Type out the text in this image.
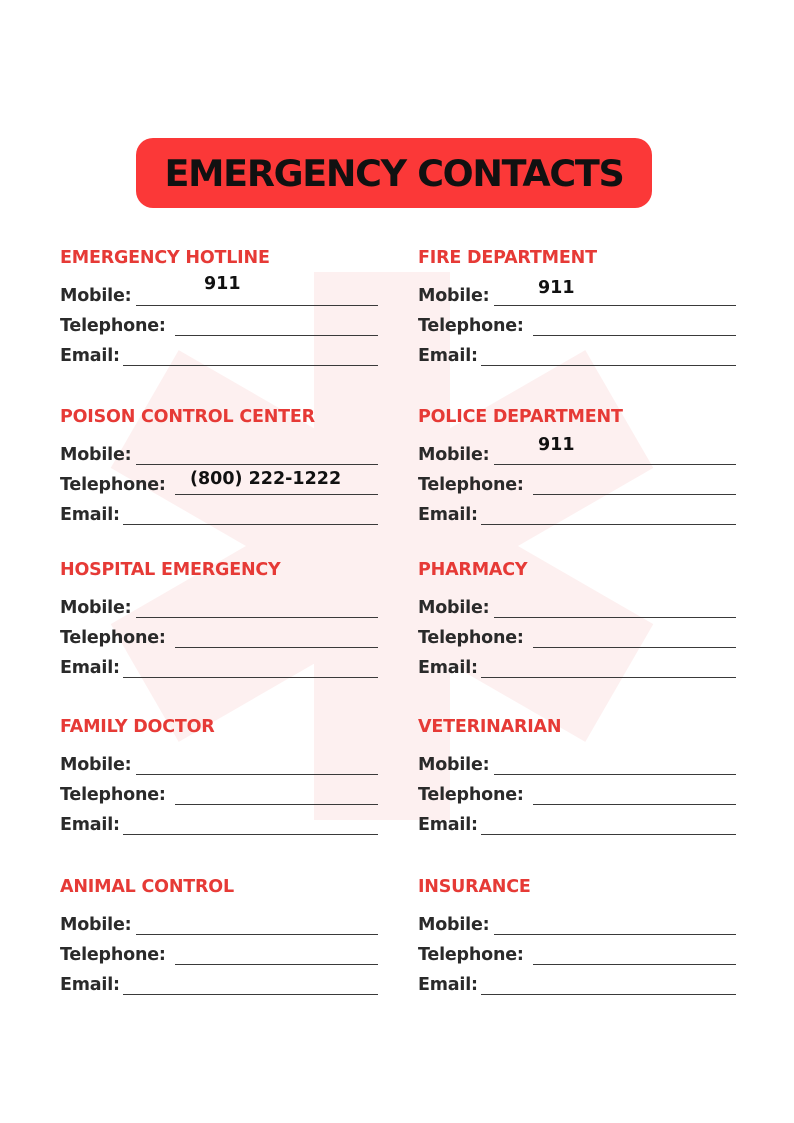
EMERGENCY CONTACTS
EMERGENCY HOTLINE
Mobile:
911
Telephone:
Email:
POISON CONTROL CENTER
Mobile:
Telephone: (800) 222-1222
Email:
HOSPITAL EMERGENCY
Mobile:
Telephone:
Email:
FAMILY DOCTOR
Mobile:
Telephone:
Email:
ANIMAL CONTROL
Mobile:
Telephone:
Email:
FIRE DEPARTMENT
Mobile:	911
Telephone:
Email:
POLICE DEPARTMENT
Mobile:	911
Telephone:
Email:
PHARMACY
Mobile:
Telephone:
Email:
VETERINARIAN
Mobile:
Telephone:
Email:
INSURANCE
Mobile:
Telephone:
Email:
